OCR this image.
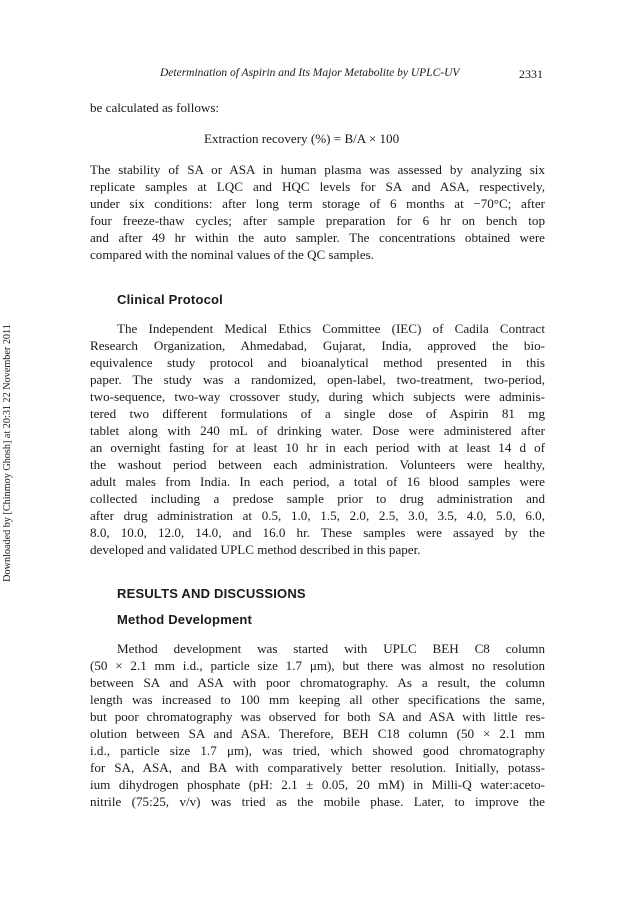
Determination of Aspirin and Its Major Metabolite by UPLC-UV	2331

Downloaded by [Chinmoy Ghosh] at 20:31 22 November 2011

be calculated as follows:

Extraction recovery (%) = B/A × 100

The stability of SA or ASA in human plasma was assessed by analyzing six

replicate samples at LQC and HQC levels for SA and ASA, respectively,

under six conditions: after long term storage of 6 months at −70°C; after

four freeze-thaw cycles; after sample preparation for 6 hr on bench top

and after 49 hr within the auto sampler. The concentrations obtained were

compared with the nominal values of the QC samples.

Clinical Protocol

The Independent Medical Ethics Committee (IEC) of Cadila Contract

Research Organization, Ahmedabad, Gujarat, India, approved the bio-

equivalence study protocol and bioanalytical method presented in this

paper. The study was a randomized, open-label, two-treatment, two-period,

two-sequence, two-way crossover study, during which subjects were adminis-

tered two different formulations of a single dose of Aspirin 81 mg

tablet along with 240 mL of drinking water. Dose were administered after

an overnight fasting for at least 10 hr in each period with at least 14 d of

the washout period between each administration. Volunteers were healthy,

adult males from India. In each period, a total of 16 blood samples were

collected including a predose sample prior to drug administration and

after drug administration at 0.5, 1.0, 1.5, 2.0, 2.5, 3.0, 3.5, 4.0, 5.0, 6.0,

8.0, 10.0, 12.0, 14.0, and 16.0 hr. These samples were assayed by the

developed and validated UPLC method described in this paper.

RESULTS AND DISCUSSIONS

Method Development

Method development was started with UPLC BEH C8 column

(50 × 2.1 mm i.d., particle size 1.7 μm), but there was almost no resolution

between SA and ASA with poor chromatography. As a result, the column

length was increased to 100 mm keeping all other specifications the same,

but poor chromatography was observed for both SA and ASA with little res-

olution between SA and ASA. Therefore, BEH C18 column (50 × 2.1 mm

i.d., particle size 1.7 μm), was tried, which showed good chromatography

for SA, ASA, and BA with comparatively better resolution. Initially, potass-

ium dihydrogen phosphate (pH: 2.1 ± 0.05, 20 mM) in Milli-Q water:aceto-

nitrile (75:25, v/v) was tried as the mobile phase. Later, to improve the
